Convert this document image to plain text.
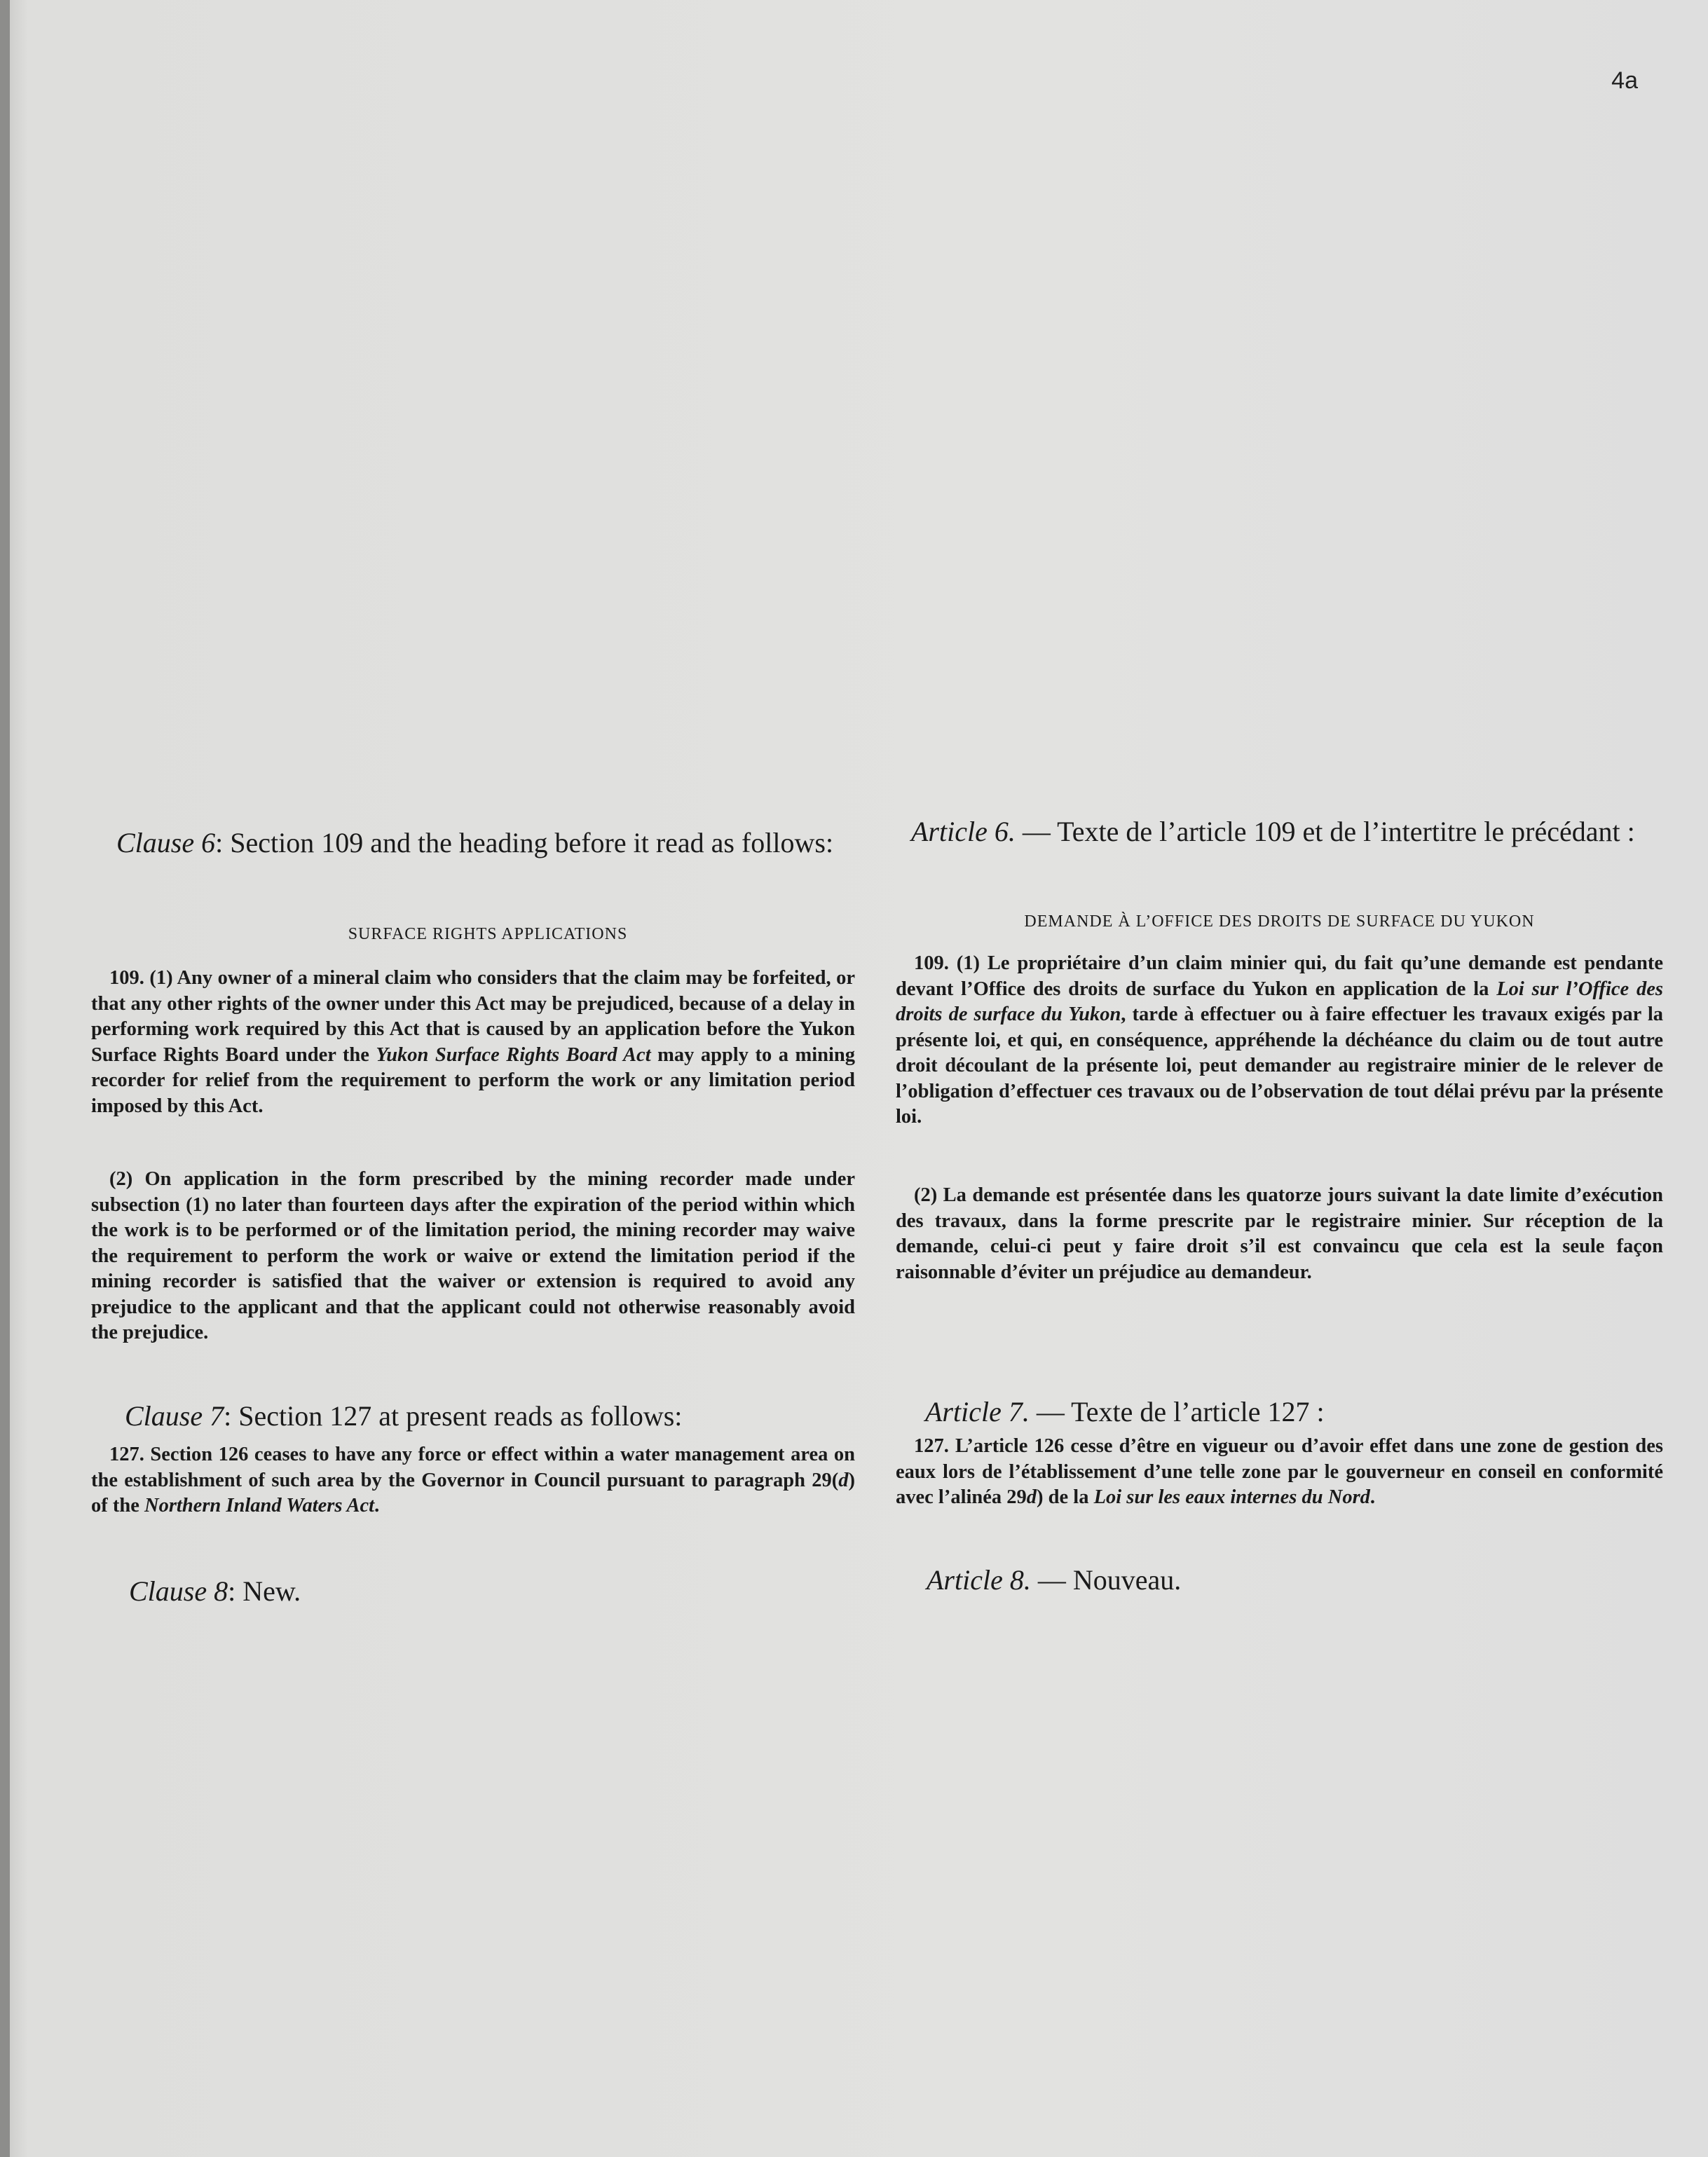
4a
Clause 6: Section 109 and the heading before it read as follows:
SURFACE RIGHTS APPLICATIONS
109. (1) Any owner of a mineral claim who considers that the claim may be forfeited, or that any other rights of the owner under this Act may be prejudiced, because of a delay in performing work required by this Act that is caused by an application before the Yukon Surface Rights Board under the Yukon Surface Rights Board Act may apply to a mining recorder for relief from the requirement to perform the work or any limitation period imposed by this Act.
(2) On application in the form prescribed by the mining recorder made under subsection (1) no later than fourteen days after the expiration of the period within which the work is to be performed or of the limitation period, the mining recorder may waive the requirement to perform the work or waive or extend the limitation period if the mining recorder is satisfied that the waiver or extension is required to avoid any prejudice to the applicant and that the applicant could not otherwise reasonably avoid the prejudice.
Clause 7: Section 127 at present reads as follows:
127. Section 126 ceases to have any force or effect within a water management area on the establishment of such area by the Governor in Council pursuant to paragraph 29(d) of the Northern Inland Waters Act.
Clause 8: New.
Article 6. — Texte de l’article 109 et de l’intertitre le précédant :
DEMANDE À L’OFFICE DES DROITS DE SURFACE DU YUKON
109. (1) Le propriétaire d’un claim minier qui, du fait qu’une demande est pendante devant l’Office des droits de surface du Yukon en application de la Loi sur l’Office des droits de surface du Yukon, tarde à effectuer ou à faire effectuer les travaux exigés par la présente loi, et qui, en conséquence, appréhende la déchéance du claim ou de tout autre droit découlant de la présente loi, peut demander au registraire minier de le relever de l’obligation d’effectuer ces travaux ou de l’observation de tout délai prévu par la présente loi.
(2) La demande est présentée dans les quatorze jours suivant la date limite d’exécution des travaux, dans la forme prescrite par le registraire minier. Sur réception de la demande, celui-ci peut y faire droit s’il est convaincu que cela est la seule façon raisonnable d’éviter un préjudice au demandeur.
Article 7. — Texte de l’article 127 :
127. L’article 126 cesse d’être en vigueur ou d’avoir effet dans une zone de gestion des eaux lors de l’établissement d’une telle zone par le gouverneur en conseil en conformité avec l’alinéa 29d) de la Loi sur les eaux internes du Nord.
Article 8. — Nouveau.
